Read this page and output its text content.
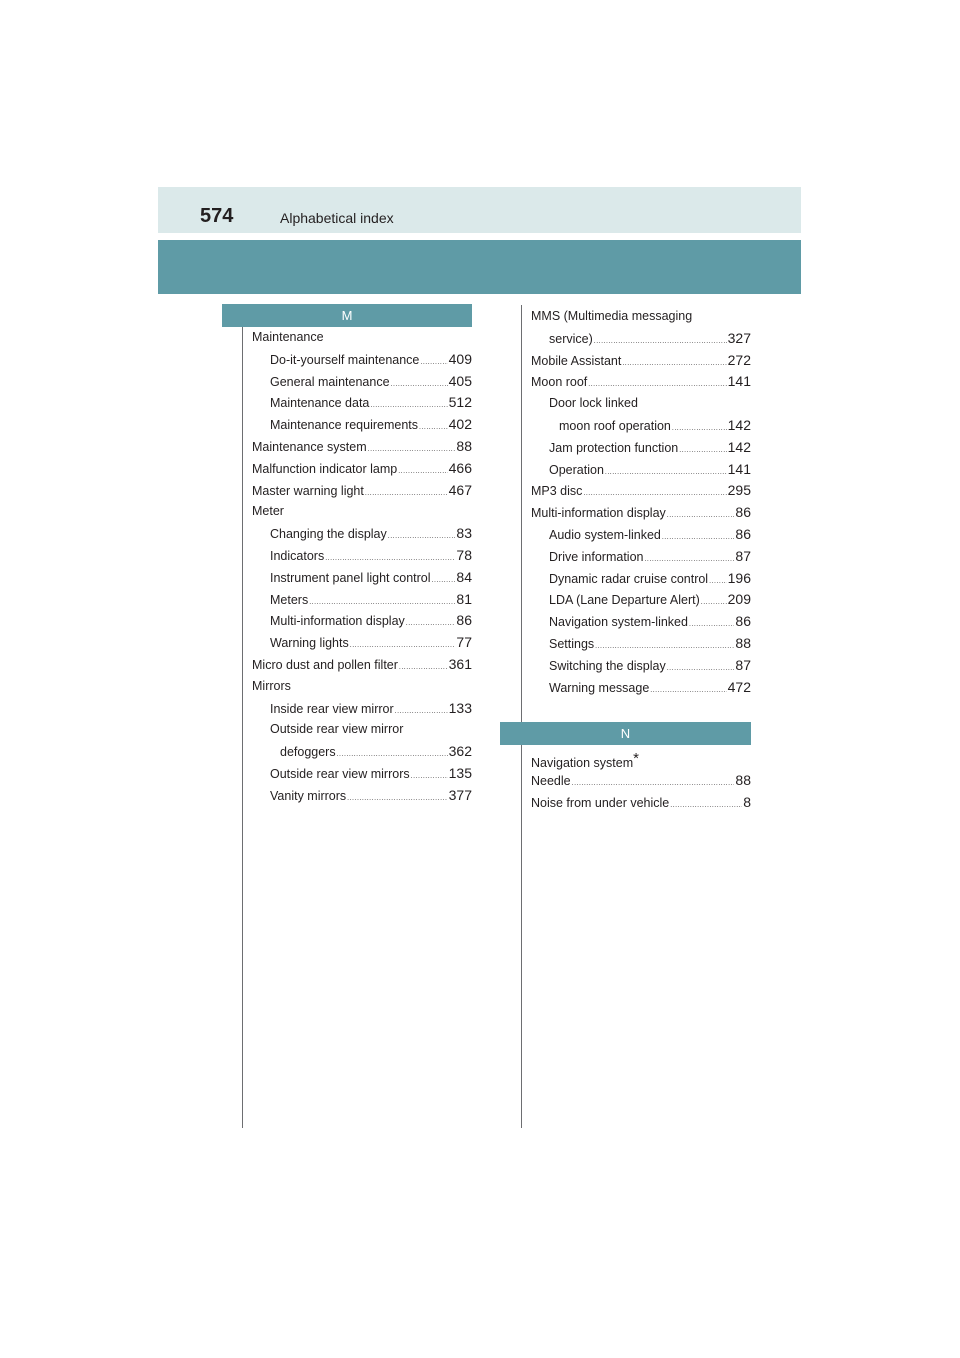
574	Alphabetical index
M
Maintenance
Do-it-yourself maintenance ..... 409
General maintenance .....	405
Maintenance data .....	512
Maintenance requirements ..... 402
Maintenance system .....	88
Malfunction indicator lamp .....	466
Master warning light .....	467
Meter
Changing the display .....	83
Indicators .....	78
Instrument panel light control ..... 84
Meters .....	81
Multi-information display .....	86
Warning lights .....	77
Micro dust and pollen filter .....	361
Mirrors
Inside rear view mirror .....	133
Outside rear view mirror
defoggers .....	362
Outside rear view mirrors .....	135
Vanity mirrors .....	377
MMS (Multimedia messaging
service) .....	327
Mobile Assistant .....	272
Moon roof .....	141
Door lock linked
moon roof operation .....	142
Jam protection function .....	142
Operation .....	141
MP3 disc .....	295
Multi-information display .....	86
Audio system-linked .....	86
Drive information .....	87
Dynamic radar cruise control ..... 196
LDA (Lane Departure Alert) ..... 209
Navigation system-linked .....	86
Settings .....	88
Switching the display .....	87
Warning message .....	472
N
Navigation system*
Needle .....	88
Noise from under vehicle .....	8
